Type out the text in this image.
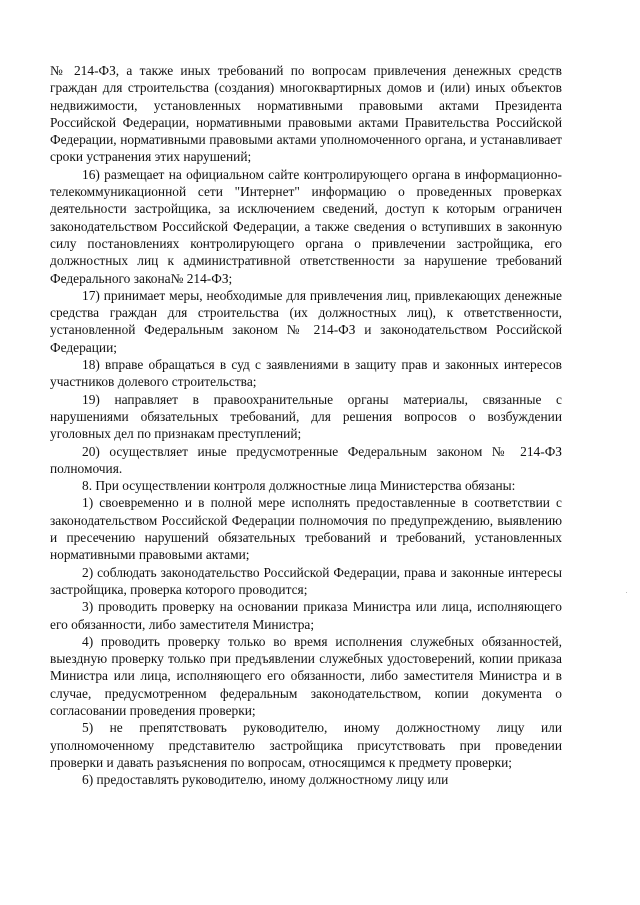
№ 214-ФЗ, а также иных требований по вопросам привлечения денежных средств граждан для строительства (создания) многоквартирных домов и (или) иных объектов недвижимости, установленных нормативными правовыми актами Президента Российской Федерации, нормативными правовыми актами Правительства Российской Федерации, нормативными правовыми актами уполномоченного органа, и устанавливает сроки устранения этих нарушений;

16) размещает на официальном сайте контролирующего органа в информационно-телекоммуникационной сети "Интернет" информацию о проведенных проверках деятельности застройщика, за исключением сведений, доступ к которым ограничен законодательством Российской Федерации, а также сведения о вступивших в законную силу постановлениях контролирующего органа о привлечении застройщика, его должностных лиц к административной ответственности за нарушение требований Федерального закона№ 214-ФЗ;

17) принимает меры, необходимые для привлечения лиц, привлекающих денежные средства граждан для строительства (их должностных лиц), к ответственности, установленной Федеральным законом № 214-ФЗ и законодательством Российской Федерации;

18) вправе обращаться в суд с заявлениями в защиту прав и законных интересов участников долевого строительства;

19) направляет в правоохранительные органы материалы, связанные с нарушениями обязательных требований, для решения вопросов о возбуждении уголовных дел по признакам преступлений;

20) осуществляет иные предусмотренные Федеральным законом № 214-ФЗ полномочия.

8. При осуществлении контроля должностные лица Министерства обязаны:

1) своевременно и в полной мере исполнять предоставленные в соответствии с законодательством Российской Федерации полномочия по предупреждению, выявлению и пресечению нарушений обязательных требований и требований, установленных нормативными правовыми актами;

2) соблюдать законодательство Российской Федерации, права и законные интересы застройщика, проверка которого проводится;

3) проводить проверку на основании приказа Министра или лица, исполняющего его обязанности, либо заместителя Министра;

4) проводить проверку только во время исполнения служебных обязанностей, выездную проверку только при предъявлении служебных удостоверений, копии приказа Министра или лица, исполняющего его обязанности, либо заместителя Министра и в случае, предусмотренном федеральным законодательством, копии документа о согласовании проведения проверки;

5) не препятствовать руководителю, иному должностному лицу или уполномоченному представителю застройщика присутствовать при проведении проверки и давать разъяснения по вопросам, относящимся к предмету проверки;

6) предоставлять руководителю, иному должностному лицу или
